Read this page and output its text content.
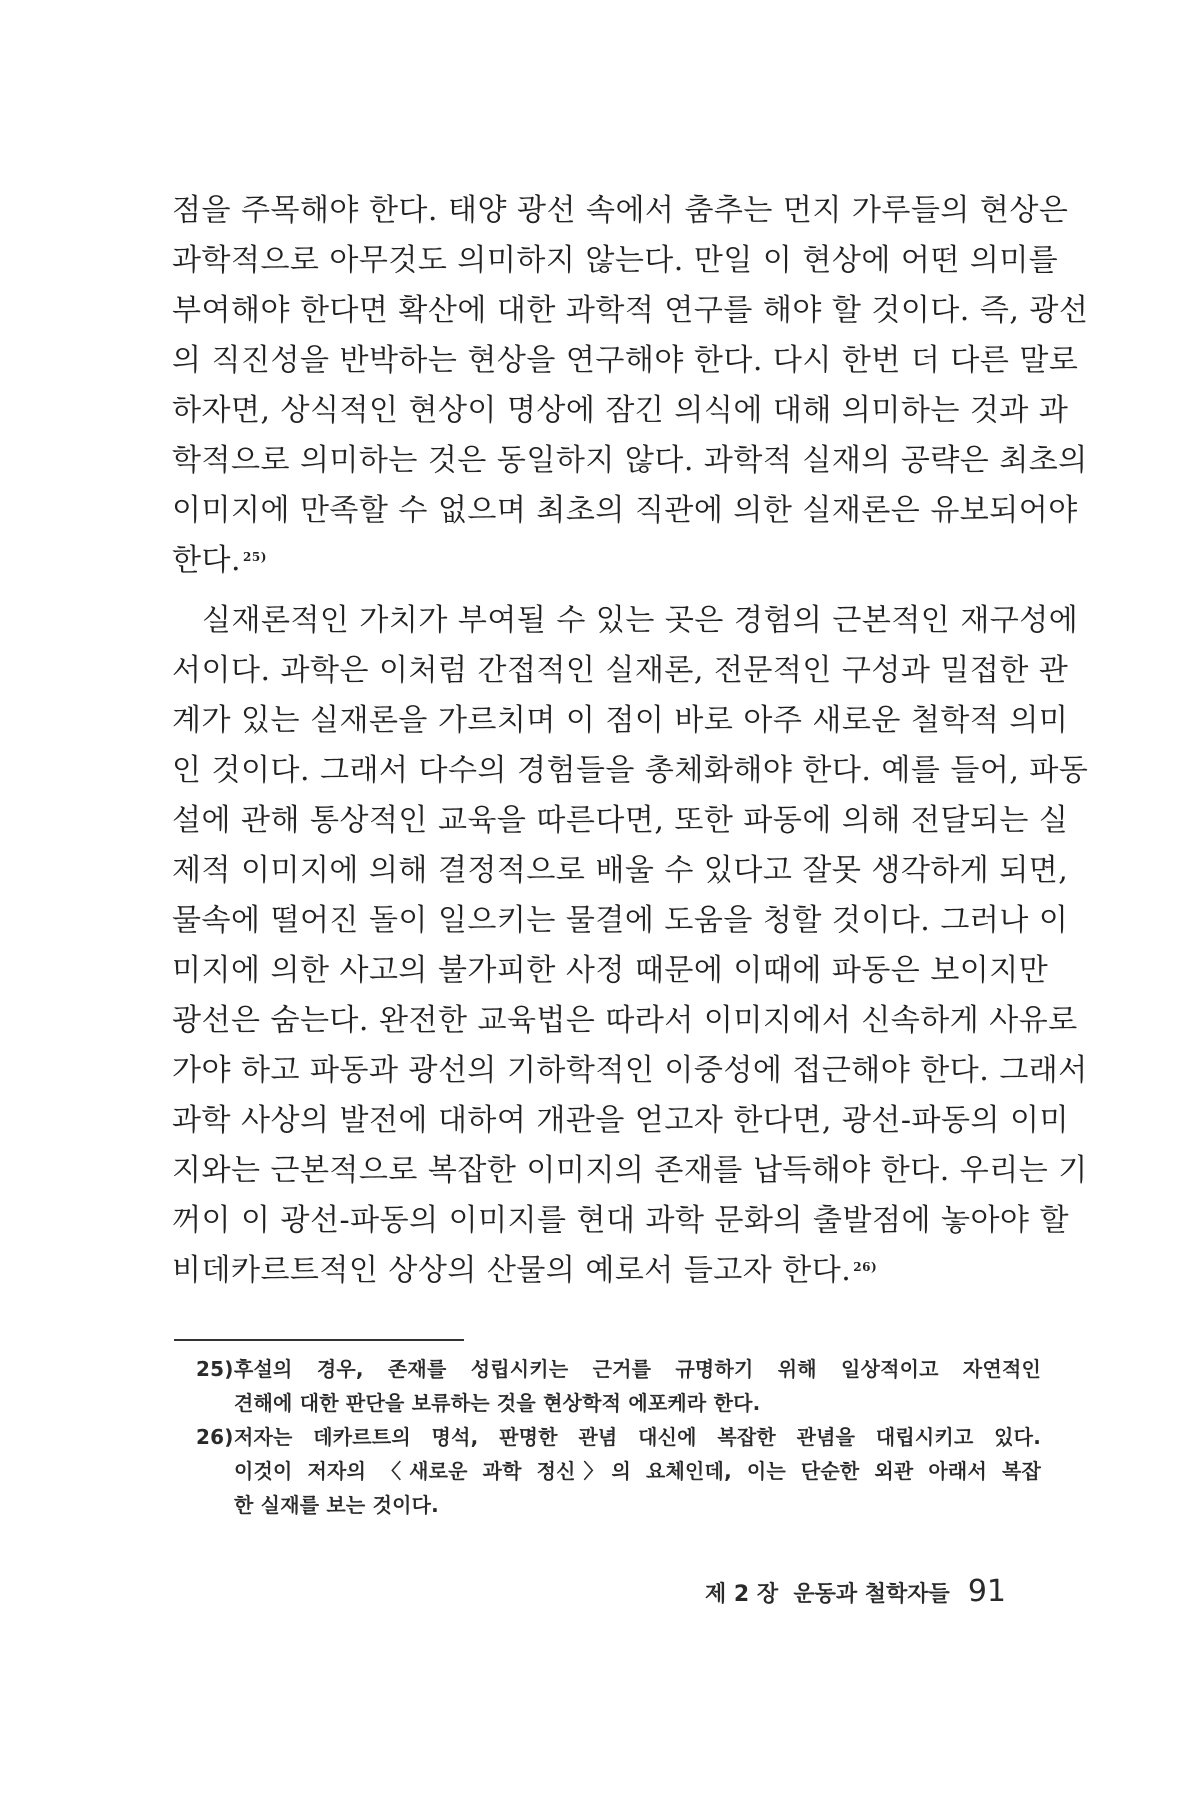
점을 주목해야 한다. 태양 광선 속에서 춤추는 먼지 가루들의 현상은
과학적으로 아무것도 의미하지 않는다. 만일 이 현상에 어떤 의미를
부여해야 한다면 확산에 대한 과학적 연구를 해야 할 것이다. 즉, 광선
의 직진성을 반박하는 현상을 연구해야 한다. 다시 한번 더 다른 말로
하자면, 상식적인 현상이 명상에 잠긴 의식에 대해 의미하는 것과 과
학적으로 의미하는 것은 동일하지 않다. 과학적 실재의 공략은 최초의
이미지에 만족할 수 없으며 최초의 직관에 의한 실재론은 유보되어야
한다. $^{25)}$
실재론적인 가치가 부여될 수 있는 곳은 경험의 근본적인 재구성에
서이다. 과학은 이처럼 간접적인 실재론, 전문적인 구성과 밀접한 관
계가 있는 실재론을 가르치며 이 점이 바로 아주 새로운 철학적 의미
인 것이다. 그래서 다수의 경험들을 총체화해야 한다. 예를 들어, 파동
설에 관해 통상적인 교육을 따른다면, 또한 파동에 의해 전달되는 실
제적 이미지에 의해 결정적으로 배울 수 있다고 잘못 생각하게 되면,
물속에 떨어진 돌이 일으키는 물결에 도움을 청할 것이다. 그러나 이
미지에 의한 사고의 불가피한 사정 때문에 이때에 파동은 보이지만
광선은 숨는다. 완전한 교육법은 따라서 이미지에서 신속하게 사유로
가야 하고 파동과 광선의 기하학적인 이중성에 접근해야 한다. 그래서
과학 사상의 발전에 대하여 개관을 얻고자 한다면, 광선-파동의 이미
지와는 근본적으로 복잡한 이미지의 존재를 납득해야 한다. 우리는 기
꺼이 이 광선-파동의 이미지를 현대 과학 문화의 출발점에 놓아야 할
비데카르트적인 상상의 산물의 예로서 들고자 한다. $^{26)}$
25)후설의 경우, 존재를 성립시키는 근거를 규명하기 위해 일상적이고 자연적인
견해에 대한 판단을 보류하는 것을 현상학적 에포케라 한다.
26)저자는 데카르트의 명석, 판명한 관념 대신에 복잡한 관념을 대립시키고 있다.
이것이 저자의 〈새로운 과학 정신〉의 요체인데, 이는 단순한 외관 아래서 복잡
한 실재를 보는 것이다.
제 2 장  운동과 철학자들 91
